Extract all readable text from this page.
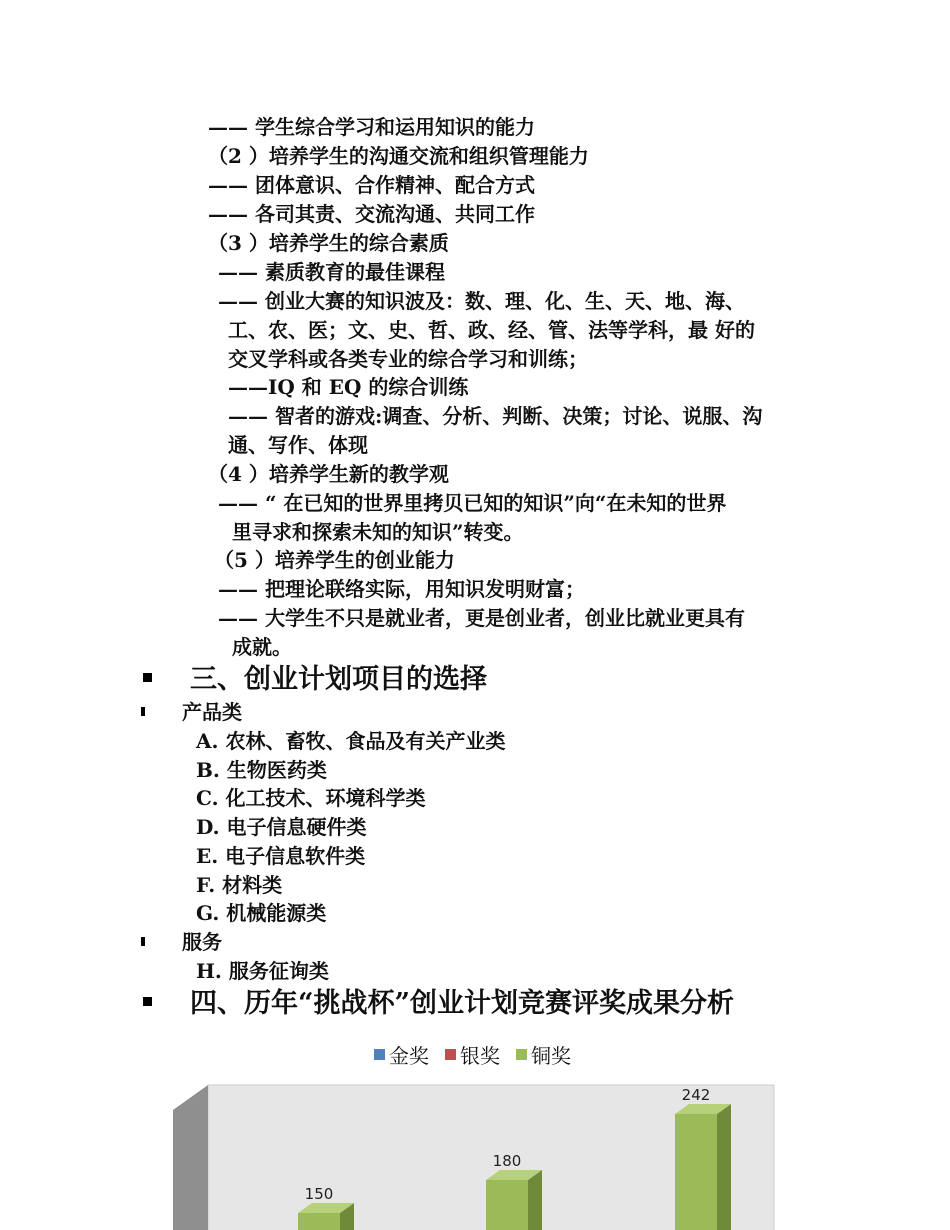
—— 学生综合学习和运用知识的能力
（2 ）培养学生的沟通交流和组织管理能力
—— 团体意识、合作精神、配合方式
—— 各司其责、交流沟通、共同工作
（3 ）培养学生的综合素质
—— 素质教育的最佳课程
—— 创业大赛的知识波及：数、理、化、生、天、地、海、
工、农、医；文、史、哲、政、经、管、法等学科，最 好的
交叉学科或各类专业的综合学习和训练；
——IQ 和 EQ 的综合训练
—— 智者的游戏:调查、分析、判断、决策；讨论、说服、沟
通、写作、体现
（4 ）培养学生新的教学观
—— “ 在已知的世界里拷贝已知的知识”向“在未知的世界
里寻求和探索未知的知识”转变。
（5 ）培养学生的创业能力
—— 把理论联络实际，用知识发明财富；
—— 大学生不只是就业者，更是创业者，创业比就业更具有
成就。
三、创业计划项目的选择
产品类
A. 农林、畜牧、食品及有关产业类
B. 生物医药类
C. 化工技术、环境科学类
D. 电子信息硬件类
E. 电子信息软件类
F. 材料类
G. 机械能源类
服务
H. 服务征询类
四、历年“挑战杯”创业计划竞赛评奖成果分析
金奖 银奖 铜奖
150
180
242
